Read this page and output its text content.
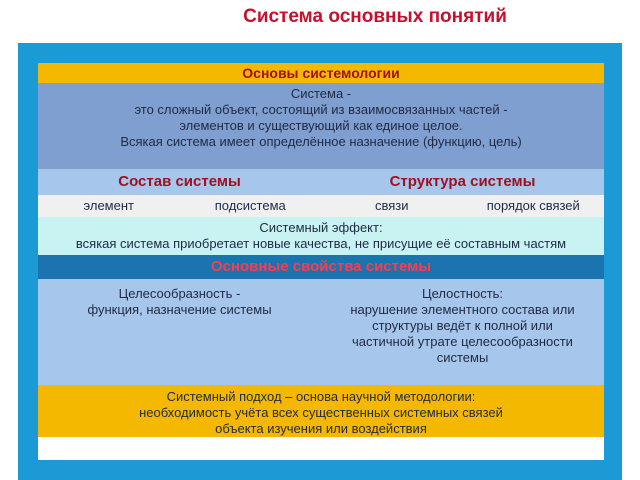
Система основных понятий
Основы системологии
Система -
это сложный объект, состоящий из взаимосвязанных частей -
элементов и существующий как единое целое.
Всякая система имеет определённое назначение (функцию, цель)
Состав системы	Структура системы
элемент	подсистема	связи	порядок связей
Системный эффект:
всякая система приобретает новые качества, не присущие её составным частям
Основные свойства системы
Целесообразность -
функция, назначение системы
Целостность:
нарушение элементного состава или
структуры ведёт к полной или
частичной утрате целесообразности
системы
Системный подход – основа научной методологии:
необходимость учёта всех существенных системных связей
объекта изучения или воздействия
